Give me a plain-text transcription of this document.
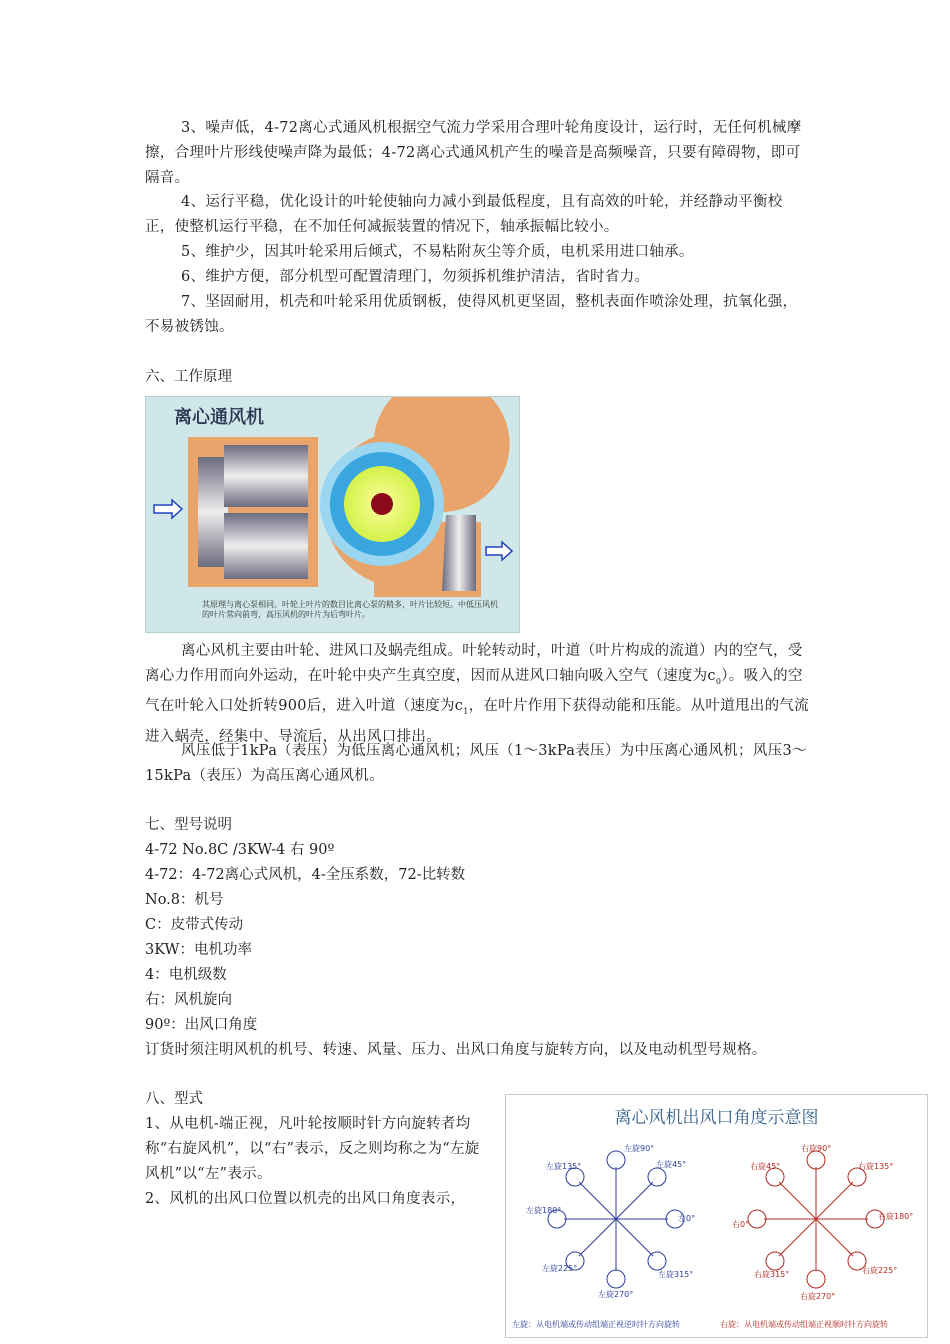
3、噪声低，4-72离心式通风机根据空气流力学采用合理叶轮角度设计，运行时，无任何机械摩擦，合理叶片形线使噪声降为最低；4-72离心式通风机产生的噪音是高频噪音，只要有障碍物，即可隔音。

4、运行平稳，优化设计的叶轮使轴向力减小到最低程度，且有高效的叶轮，并经静动平衡校正，使整机运行平稳，在不加任何减振装置的情况下，轴承振幅比较小。

5、维护少，因其叶轮采用后倾式，不易粘附灰尘等介质，电机采用进口轴承。

6、维护方便，部分机型可配置清理门，勿须拆机维护清洁，省时省力。

7、坚固耐用，机壳和叶轮采用优质钢板，使得风机更坚固，整机表面作喷涂处理，抗氧化强，不易被锈蚀。

六、工作原理

离心通风机
其原理与离心泵相同。叶轮上叶片的数目比离心泵的稍多，叶片比较短。中低压风机的叶片常向前弯，高压风机的叶片为后弯叶片。

离心风机主要由叶轮、进风口及蜗壳组成。叶轮转动时，叶道（叶片构成的流道）内的空气，受离心力作用而向外运动，在叶轮中央产生真空度，因而从进风口轴向吸入空气（速度为$c_0$）。吸入的空气在叶轮入口处折转900后，进入叶道（速度为$c_1$，在叶片作用下获得动能和压能。从叶道甩出的气流进入蜗壳，经集中、导流后，从出风口排出。

风压低于1kPa（表压）为低压离心通风机；风压（1～3kPa表压）为中压离心通风机；风压3～15kPa（表压）为高压离心通风机。

七、型号说明

4-72 No.8C /3KW-4 右 90º

4-72：4-72离心式风机，4-全压系数，72-比转数

No.8：机号

C：皮带式传动

3KW：电机功率

4：电机级数

右：风机旋向

90º：出风口角度

订货时须注明风机的机号、转速、风量、压力、出风口角度与旋转方向，以及电动机型号规格。

八、型式

1、从电机-端正视，凡叶轮按顺时针方向旋转者均称“右旋风机”，以“右”表示，反之则均称之为“左旋风机”以“左”表示。

2、风机的出风口位置以机壳的出风口角度表示，

离心风机出风口角度示意图
左旋90°
左旋45°
左0°
左旋315°
左旋270°
左旋225°
左旋180°
左旋135°
右旋90°
右旋135°
右旋180°
右旋225°
右旋270°
右旋315°
右0°
右旋45°
左旋：从电机端或传动组端正视逆时针方向旋转	右旋：从电机端或传动组端正视顺时针方向旋转
